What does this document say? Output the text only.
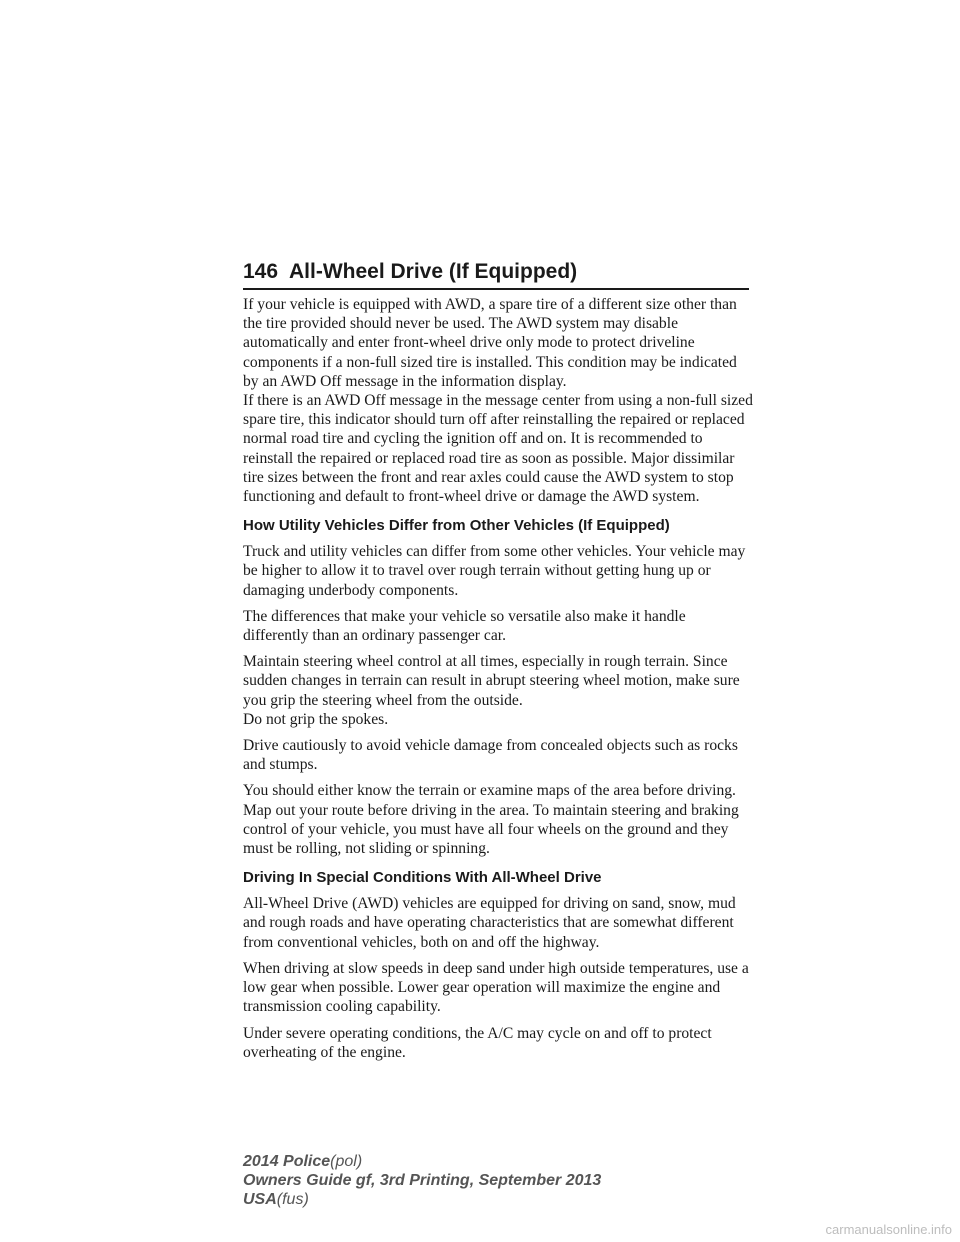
146 All-Wheel Drive (If Equipped)

If your vehicle is equipped with AWD, a spare tire of a different size other than the tire provided should never be used. The AWD system may disable automatically and enter front-wheel drive only mode to protect driveline components if a non-full sized tire is installed. This condition may be indicated by an AWD Off message in the information display.

If there is an AWD Off message in the message center from using a non-full sized spare tire, this indicator should turn off after reinstalling the repaired or replaced normal road tire and cycling the ignition off and on. It is recommended to reinstall the repaired or replaced road tire as soon as possible. Major dissimilar tire sizes between the front and rear axles could cause the AWD system to stop functioning and default to front-wheel drive or damage the AWD system.

How Utility Vehicles Differ from Other Vehicles (If Equipped)

Truck and utility vehicles can differ from some other vehicles. Your vehicle may be higher to allow it to travel over rough terrain without getting hung up or damaging underbody components.

The differences that make your vehicle so versatile also make it handle differently than an ordinary passenger car.

Maintain steering wheel control at all times, especially in rough terrain. Since sudden changes in terrain can result in abrupt steering wheel motion, make sure you grip the steering wheel from the outside.

Do not grip the spokes.

Drive cautiously to avoid vehicle damage from concealed objects such as rocks and stumps.

You should either know the terrain or examine maps of the area before driving. Map out your route before driving in the area. To maintain steering and braking control of your vehicle, you must have all four wheels on the ground and they must be rolling, not sliding or spinning.

Driving In Special Conditions With All-Wheel Drive

All-Wheel Drive (AWD) vehicles are equipped for driving on sand, snow, mud and rough roads and have operating characteristics that are somewhat different from conventional vehicles, both on and off the highway.

When driving at slow speeds in deep sand under high outside temperatures, use a low gear when possible. Lower gear operation will maximize the engine and transmission cooling capability.

Under severe operating conditions, the A/C may cycle on and off to protect overheating of the engine.

2014 Police(pol)
Owners Guide gf, 3rd Printing, September 2013
USA(fus)
carmanualsonline.info
